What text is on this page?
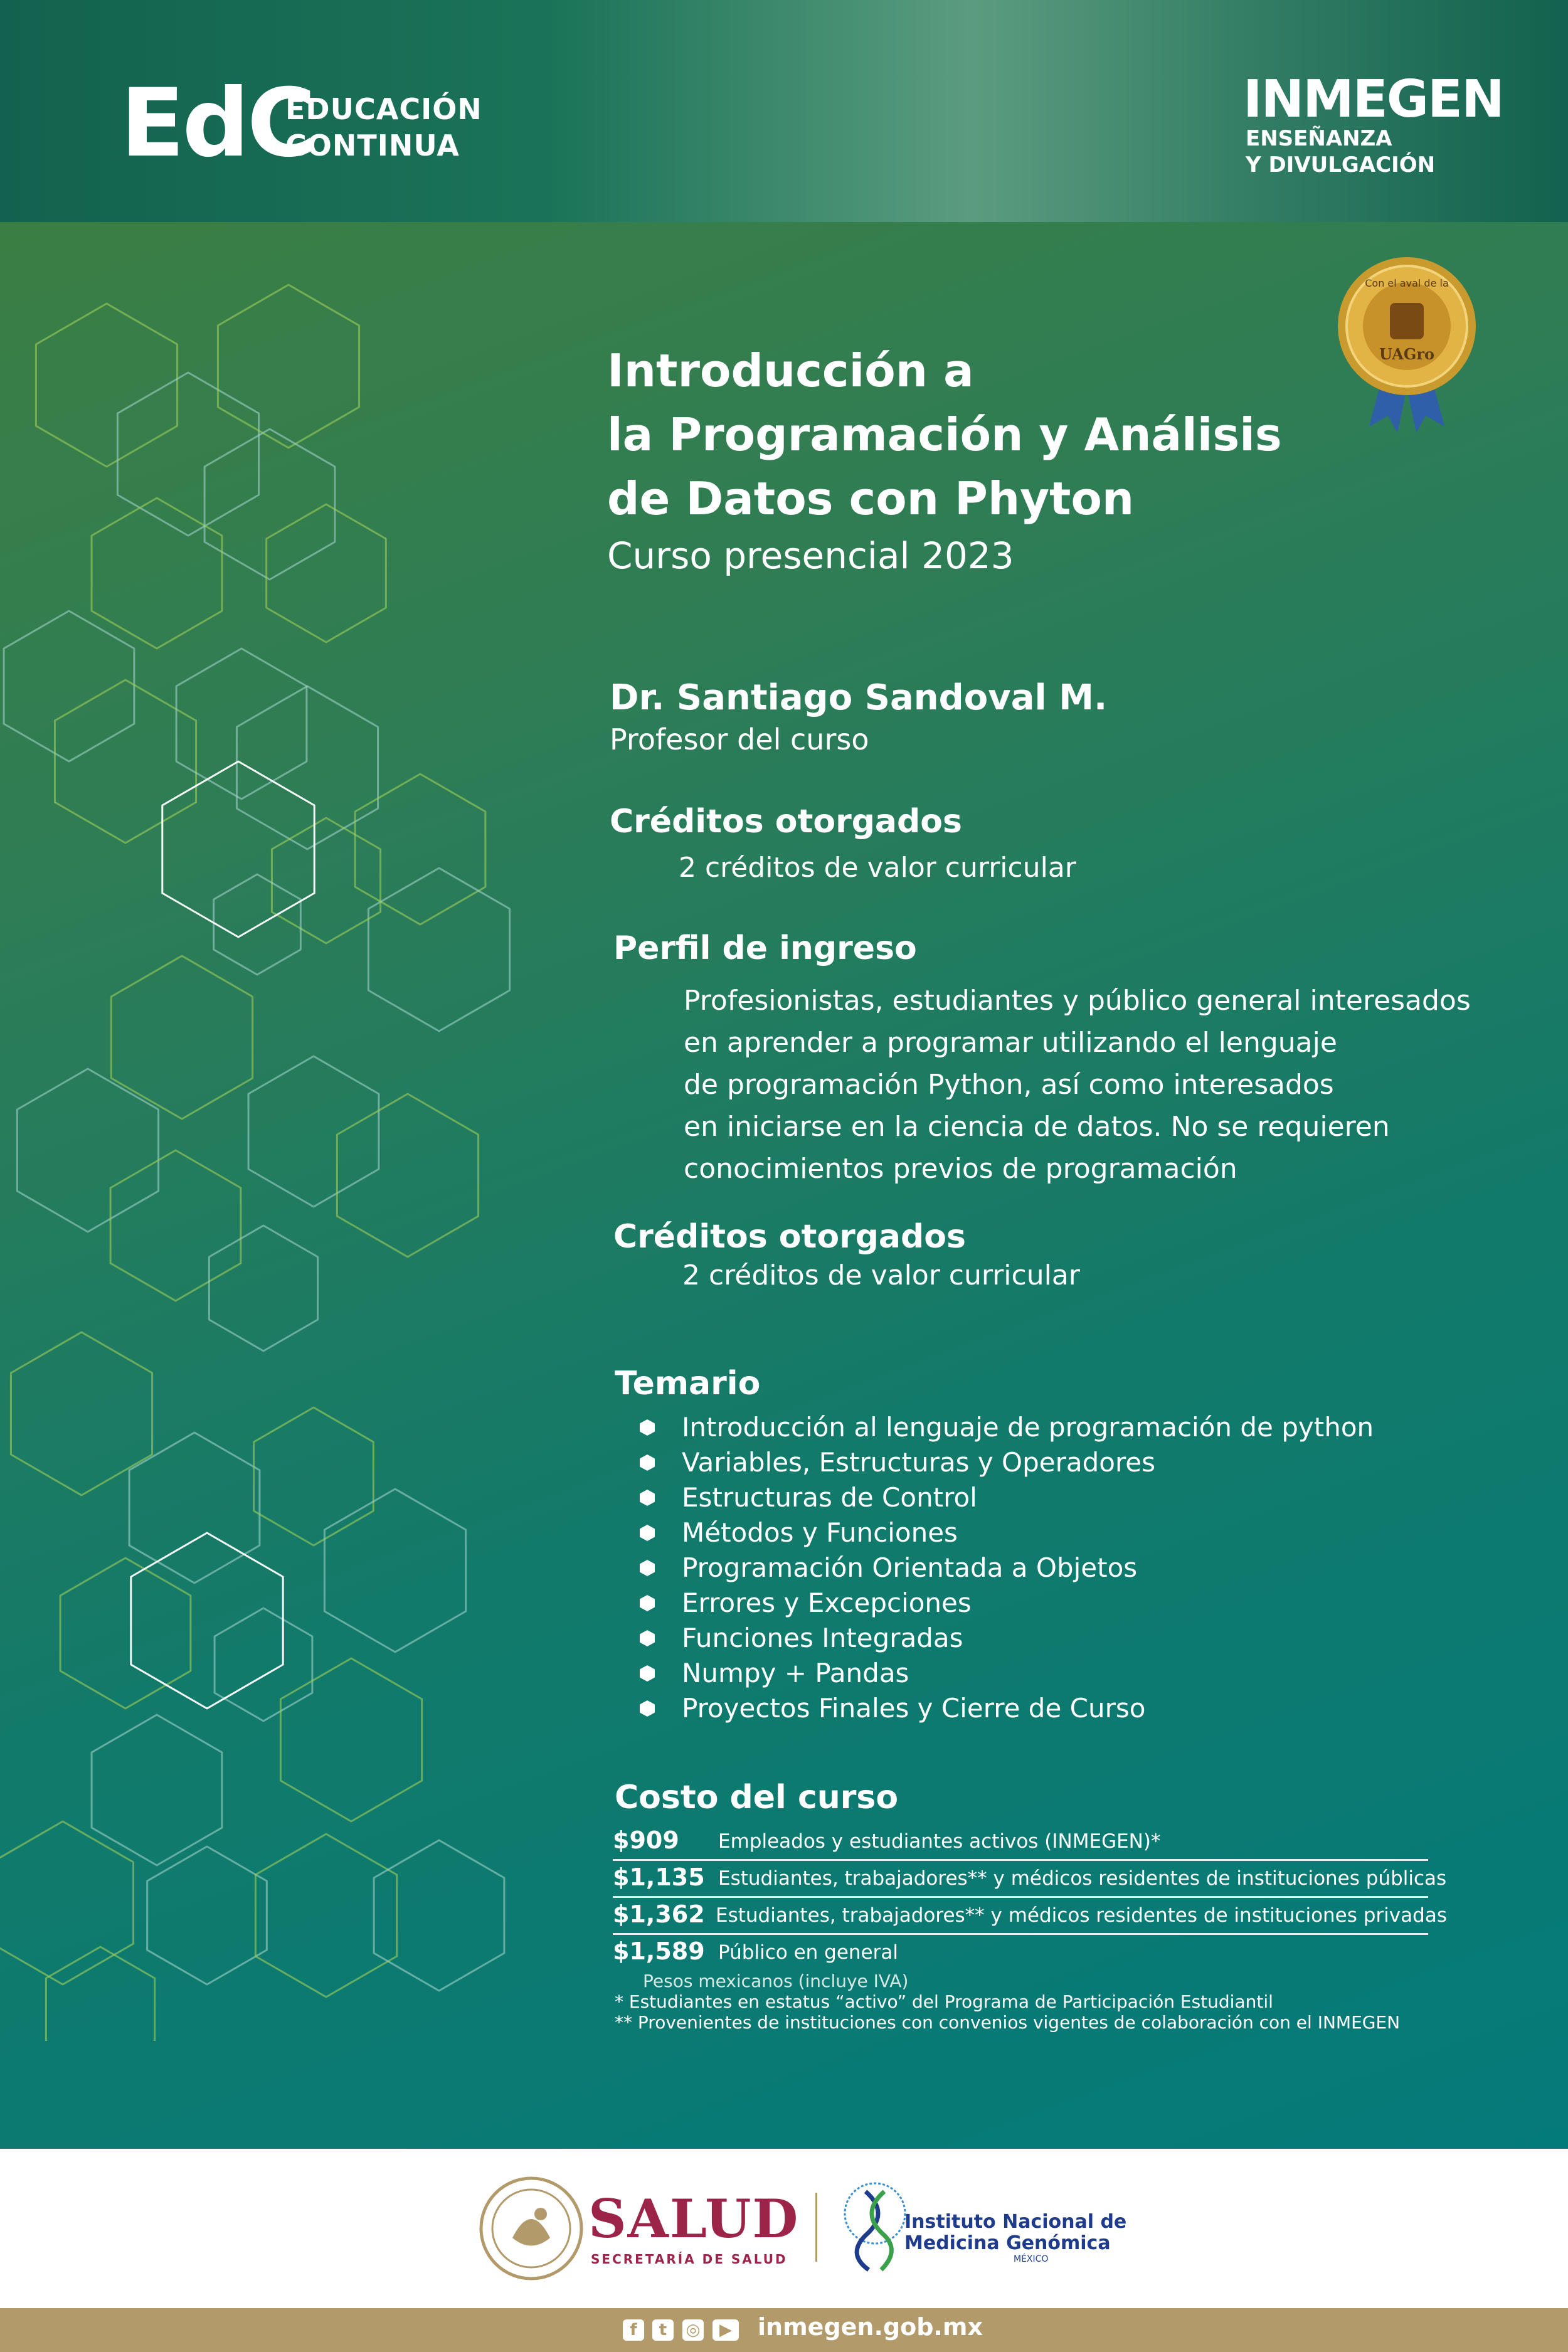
EdC
EDUCACIÓN
CONTINUA
INMEGEN
ENSEÑANZA
Y DIVULGACIÓN
Con el aval de la
UAGro
Introducción a
la Programación y Análisis
de Datos con Phyton
Curso presencial 2023
Dr. Santiago Sandoval M.
Profesor del curso
Créditos otorgados
2 créditos de valor curricular
Perfil de ingreso
Profesionistas, estudiantes y público general interesados
en aprender a programar utilizando el lenguaje
de programación Python, así como interesados
en iniciarse en la ciencia de datos. No se requieren
conocimientos previos de programación
Créditos otorgados
2 créditos de valor curricular
Temario
Introducción al lenguaje de programación de python
Variables, Estructuras y Operadores
Estructuras de Control
Métodos y Funciones
Programación Orientada a Objetos
Errores y Excepciones
Funciones Integradas
Numpy + Pandas
Proyectos Finales y Cierre de Curso
Costo del curso
$909 Empleados y estudiantes activos (INMEGEN)*
$1,135 Estudiantes, trabajadores** y médicos residentes de instituciones públicas
$1,362 Estudiantes, trabajadores** y médicos residentes de instituciones privadas
$1,589 Público en general
Pesos mexicanos (incluye IVA)
* Estudiantes en estatus “activo” del Programa de Participación Estudiantil
** Provenientes de instituciones con convenios vigentes de colaboración con el INMEGEN
SALUD
SECRETARÍA DE SALUD
Instituto Nacional de
Medicina Genómica
MÉXICO
f	t	◎	▶ inmegen.gob.mx
